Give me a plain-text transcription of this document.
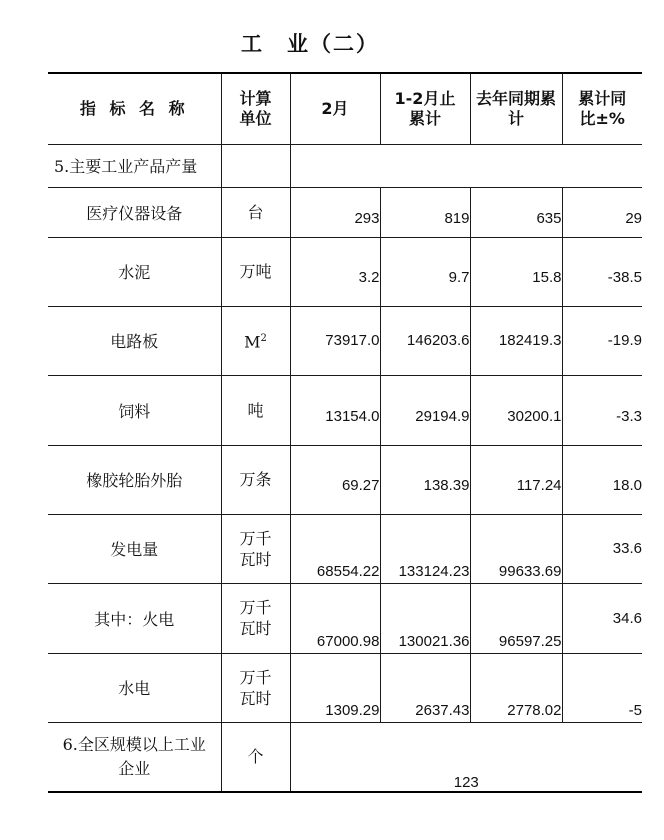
工　业（二）
指 标 名 称	计算单位	2月	1-2月止累计	去年同期累计	累计同比±%

5.主要工业产品产量					
医疗仪器设备	台	293	819	635	29
水泥	万吨	3.2	9.7	15.8	-38.5
电路板	$M^2$	73917.0	146203.6	182419.3	-19.9
饲料	吨	13154.0	29194.9	30200.1	-3.3
橡胶轮胎外胎	万条	69.27	138.39	117.24	18.0
发电量	万千瓦时	68554.22	133124.23	99633.69	33.6
其中：火电	万千瓦时	67000.98	130021.36	96597.25	34.6
水电	万千瓦时	1309.29	2637.43	2778.02	-5

6.全区规模以上工业企业	个	123			
